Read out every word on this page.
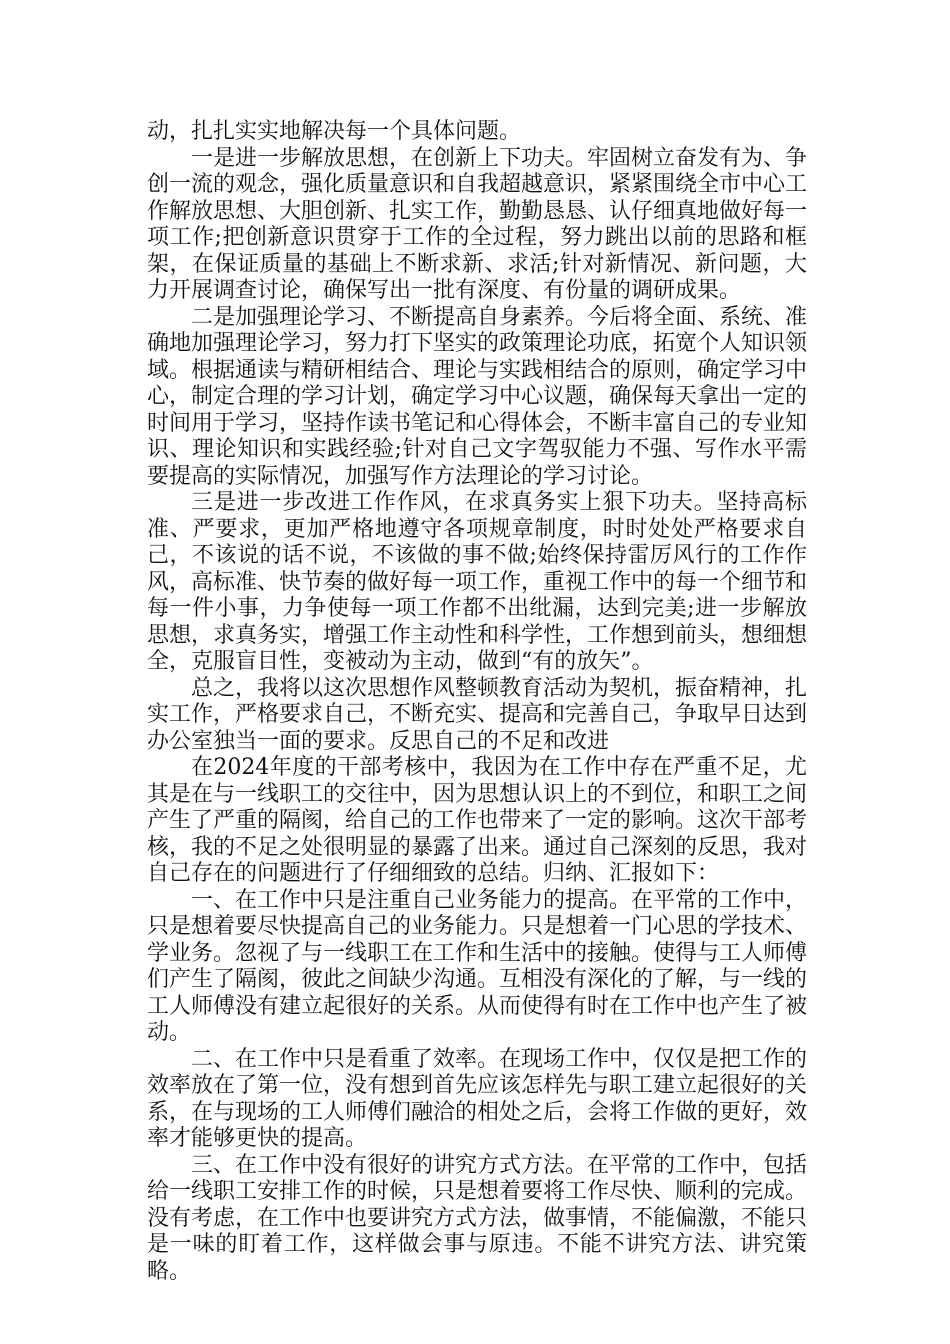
动，扎扎实实地解决每一个具体问题。

一是进一步解放思想，在创新上下功夫。牢固树立奋发有为、争创一流的观念，强化质量意识和自我超越意识，紧紧围绕全市中心工作解放思想、大胆创新、扎实工作，勤勤恳恳、认仔细真地做好每一项工作;把创新意识贯穿于工作的全过程，努力跳出以前的思路和框架，在保证质量的基础上不断求新、求活;针对新情况、新问题，大力开展调查讨论，确保写出一批有深度、有份量的调研成果。

二是加强理论学习、不断提高自身素养。今后将全面、系统、准确地加强理论学习，努力打下坚实的政策理论功底，拓宽个人知识领域。根据通读与精研相结合、理论与实践相结合的原则，确定学习中心，制定合理的学习计划，确定学习中心议题，确保每天拿出一定的时间用于学习，坚持作读书笔记和心得体会，不断丰富自己的专业知识、理论知识和实践经验;针对自己文字驾驭能力不强、写作水平需要提高的实际情况，加强写作方法理论的学习讨论。

三是进一步改进工作作风，在求真务实上狠下功夫。坚持高标准、严要求，更加严格地遵守各项规章制度，时时处处严格要求自己，不该说的话不说，不该做的事不做;始终保持雷厉风行的工作作风，高标准、快节奏的做好每一项工作，重视工作中的每一个细节和每一件小事，力争使每一项工作都不出纰漏，达到完美;进一步解放思想，求真务实，增强工作主动性和科学性，工作想到前头，想细想全，克服盲目性，变被动为主动，做到“有的放矢”。

总之，我将以这次思想作风整顿教育活动为契机，振奋精神，扎实工作，严格要求自己，不断充实、提高和完善自己，争取早日达到办公室独当一面的要求。反思自己的不足和改进

在2024年度的干部考核中，我因为在工作中存在严重不足，尤其是在与一线职工的交往中，因为思想认识上的不到位，和职工之间产生了严重的隔阂，给自己的工作也带来了一定的影响。这次干部考核，我的不足之处很明显的暴露了出来。通过自己深刻的反思，我对自己存在的问题进行了仔细细致的总结。归纳、汇报如下：

一、在工作中只是注重自己业务能力的提高。在平常的工作中，只是想着要尽快提高自己的业务能力。只是想着一门心思的学技术、学业务。忽视了与一线职工在工作和生活中的接触。使得与工人师傅们产生了隔阂，彼此之间缺少沟通。互相没有深化的了解，与一线的工人师傅没有建立起很好的关系。从而使得有时在工作中也产生了被动。

二、在工作中只是看重了效率。在现场工作中，仅仅是把工作的效率放在了第一位，没有想到首先应该怎样先与职工建立起很好的关系，在与现场的工人师傅们融洽的相处之后，会将工作做的更好，效率才能够更快的提高。

三、在工作中没有很好的讲究方式方法。在平常的工作中，包括给一线职工安排工作的时候，只是想着要将工作尽快、顺利的完成。没有考虑，在工作中也要讲究方式方法，做事情，不能偏激，不能只是一味的盯着工作，这样做会事与原违。不能不讲究方法、讲究策略。
